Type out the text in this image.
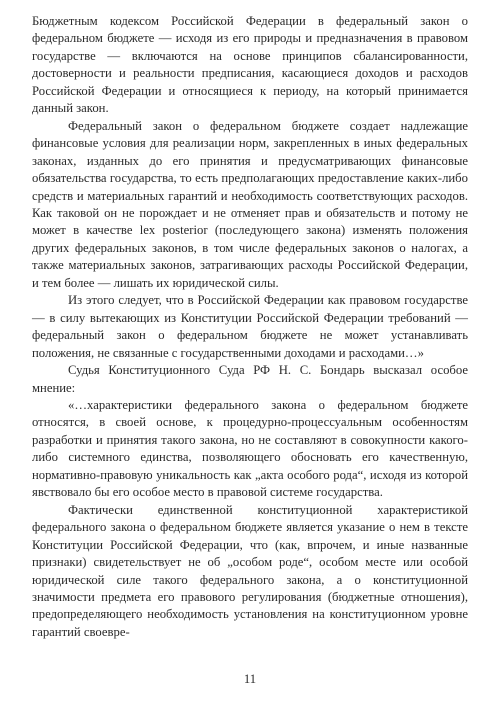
Бюджетным кодексом Российской Федерации в федеральный закон о федеральном бюджете — исходя из его природы и предназначения в правовом государстве — включаются на основе принципов сбалансированности, достоверности и реальности предписания, касающиеся доходов и расходов Российской Федерации и относящиеся к периоду, на который принимается данный закон.

Федеральный закон о федеральном бюджете создает надлежащие финансовые условия для реализации норм, закрепленных в иных федеральных законах, изданных до его принятия и предусматривающих финансовые обязательства государства, то есть предполагающих предоставление каких-либо средств и материальных гарантий и необходимость соответствующих расходов. Как таковой он не порождает и не отменяет прав и обязательств и потому не может в качестве lex posterior (последующего закона) изменять положения других федеральных законов, в том числе федеральных законов о налогах, а также материальных законов, затрагивающих расходы Российской Федерации, и тем более — лишать их юридической силы.

Из этого следует, что в Российской Федерации как правовом государстве — в силу вытекающих из Конституции Российской Федерации требований — федеральный закон о федеральном бюджете не может устанавливать положения, не связанные с государственными доходами и расходами…»

Судья Конституционного Суда РФ Н. С. Бондарь высказал особое мнение:

«…характеристики федерального закона о федеральном бюджете относятся, в своей основе, к процедурно-процессуальным особенностям разработки и принятия такого закона, но не составляют в совокупности какого-либо системного единства, позволяющего обосновать его качественную, нормативно-правовую уникальность как „акта особого рода“, исходя из которой явствовало бы его особое место в правовой системе государства.

Фактически единственной конституционной характеристикой федерального закона о федеральном бюджете является указание о нем в тексте Конституции Российской Федерации, что (как, впрочем, и иные названные признаки) свидетельствует не об „особом роде“, особом месте или особой юридической силе такого федерального закона, а о конституционной значимости предмета его правового регулирования (бюджетные отношения), предопределяющего необходимость установления на конституционном уровне гарантий своевре-

11
